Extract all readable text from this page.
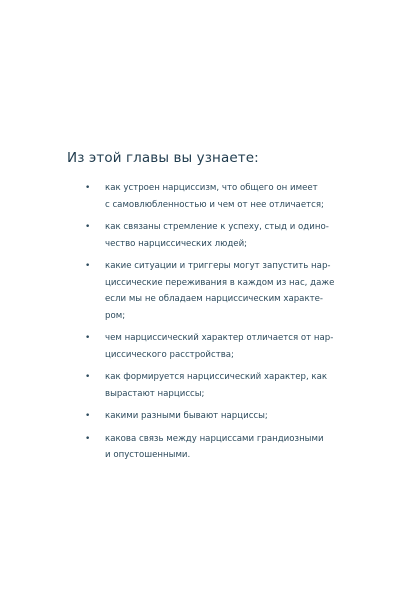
Из этой главы вы узнаете:
• как устроен нарциссизм, что общего он имеет
с самовлюбленностью и чем от нее отличается;
• как связаны стремление к успеху, стыд и одино-
чество нарциссических людей;
• какие ситуации и триггеры могут запустить нар-
циссические переживания в каждом из нас, даже
если мы не обладаем нарциссическим характе-
ром;
• чем нарциссический характер отличается от нар-
циссического расстройства;
• как формируется нарциссический характер, как
вырастают нарциссы;
• какими разными бывают нарциссы;
• какова связь между нарциссами грандиозными
и опустошенными.
